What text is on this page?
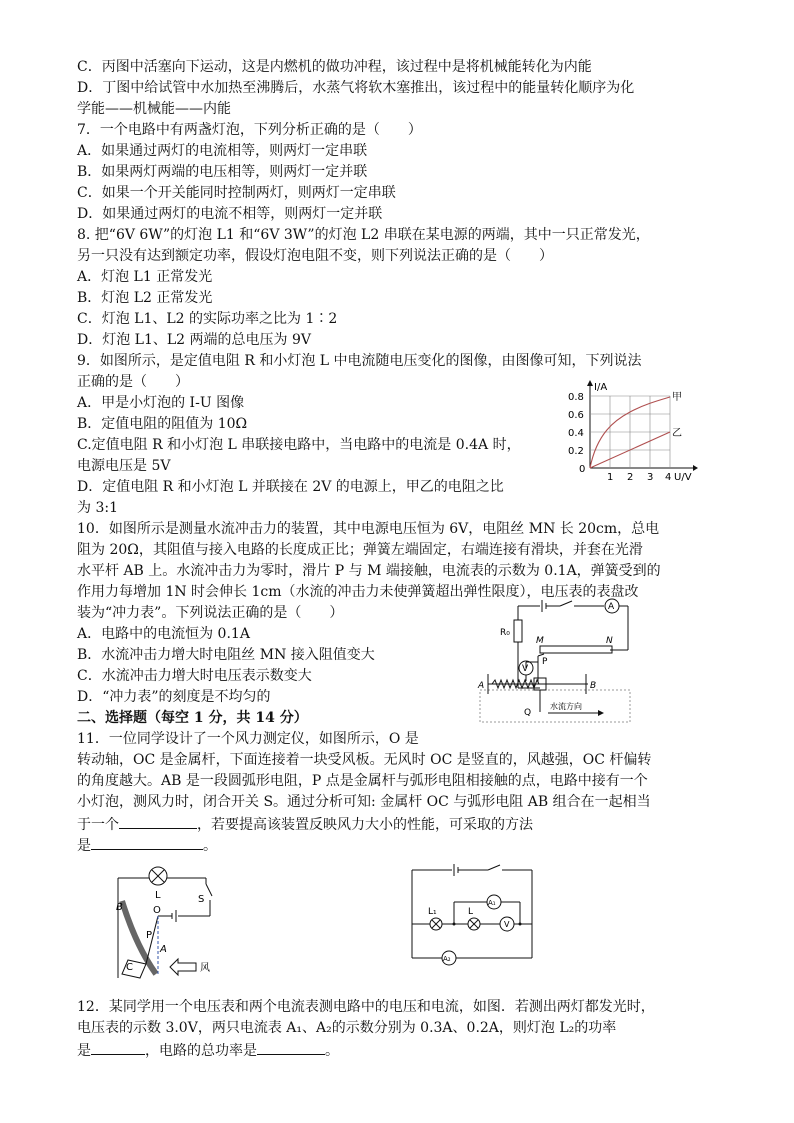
C．丙图中活塞向下运动，这是内燃机的做功冲程，该过程中是将机械能转化为内能
D．丁图中给试管中水加热至沸腾后，水蒸气将软木塞推出，该过程中的能量转化顺序为化
学能——机械能——内能
7．一个电路中有两盏灯泡，下列分析正确的是（　　）
A．如果通过两灯的电流相等，则两灯一定串联
B．如果两灯两端的电压相等，则两灯一定并联
C．如果一个开关能同时控制两灯，则两灯一定串联
D．如果通过两灯的电流不相等，则两灯一定并联
8. 把“6V 6W”的灯泡 L1 和“6V 3W”的灯泡 L2 串联在某电源的两端，其中一只正常发光，
另一只没有达到额定功率，假设灯泡电阻不变，则下列说法正确的是（　　）
A．灯泡 L1 正常发光
B．灯泡 L2 正常发光
C．灯泡 L1、L2 的实际功率之比为 1∶2
D．灯泡 L1、L2 两端的总电压为 9V
9．如图所示，是定值电阻 R 和小灯泡 L 中电流随电压变化的图像，由图像可知，下列说法
正确的是（　　）
A．甲是小灯泡的 I-U 图像
B．定值电阻的阻值为 10Ω
C.定值电阻 R 和小灯泡 L 串联接电路中，当电路中的电流是 0.4A 时，
电源电压是 5V
D．定值电阻 R 和小灯泡 L 并联接在 2V 的电源上，甲乙的电阻之比
为 3:1
10．如图所示是测量水流冲击力的装置，其中电源电压恒为 6V，电阻丝 MN 长 20cm，总电
阻为 20Ω，其阻值与接入电路的长度成正比；弹簧左端固定，右端连接有滑块，并套在光滑
水平杆 AB 上。水流冲击力为零时，滑片 P 与 M 端接触，电流表的示数为 0.1A，弹簧受到的
作用力每增加 1N 时会伸长 1cm（水流的冲击力未使弹簧超出弹性限度），电压表的表盘改
装为“冲力表”。下列说法正确的是（　　）
A．电路中的电流恒为 0.1A
B．水流冲击力增大时电阻丝 MN 接入阻值变大
C．水流冲击力增大时电压表示数变大
D．“冲力表”的刻度是不均匀的
二、选择题（每空 1 分，共 14 分）
11．一位同学设计了一个风力测定仪，如图所示，O 是
转动轴，OC 是金属杆，下面连接着一块受风板。无风时 OC 是竖直的，风越强，OC 杆偏转
的角度越大。AB 是一段圆弧形电阻，P 点是金属杆与弧形电阻相接触的点，电路中接有一个
小灯泡，测风力时，闭合开关 S。通过分析可知: 金属杆 OC 与弧形电阻 AB 组合在一起相当
于一个	，若要提高该装置反映风力大小的性能，可采取的方法
是	。
12．某同学用一个电压表和两个电流表测电路中的电压和电流，如图．若测出两灯都发光时，
电压表的示数 3.0V，两只电流表 A₁、A₂的示数分别为 0.3A、0.2A，则灯泡 L₂的功率
是	，电路的总功率是	。
I/A
U/V
0.8
0.6
0.4
0.2
0
1 2 3 4
甲
乙
R₀
M	N
P
A	B
Q
V
A
水流方向
L	S
O
B
P
A
C	风
L₁	L
A₁
A₂
V
